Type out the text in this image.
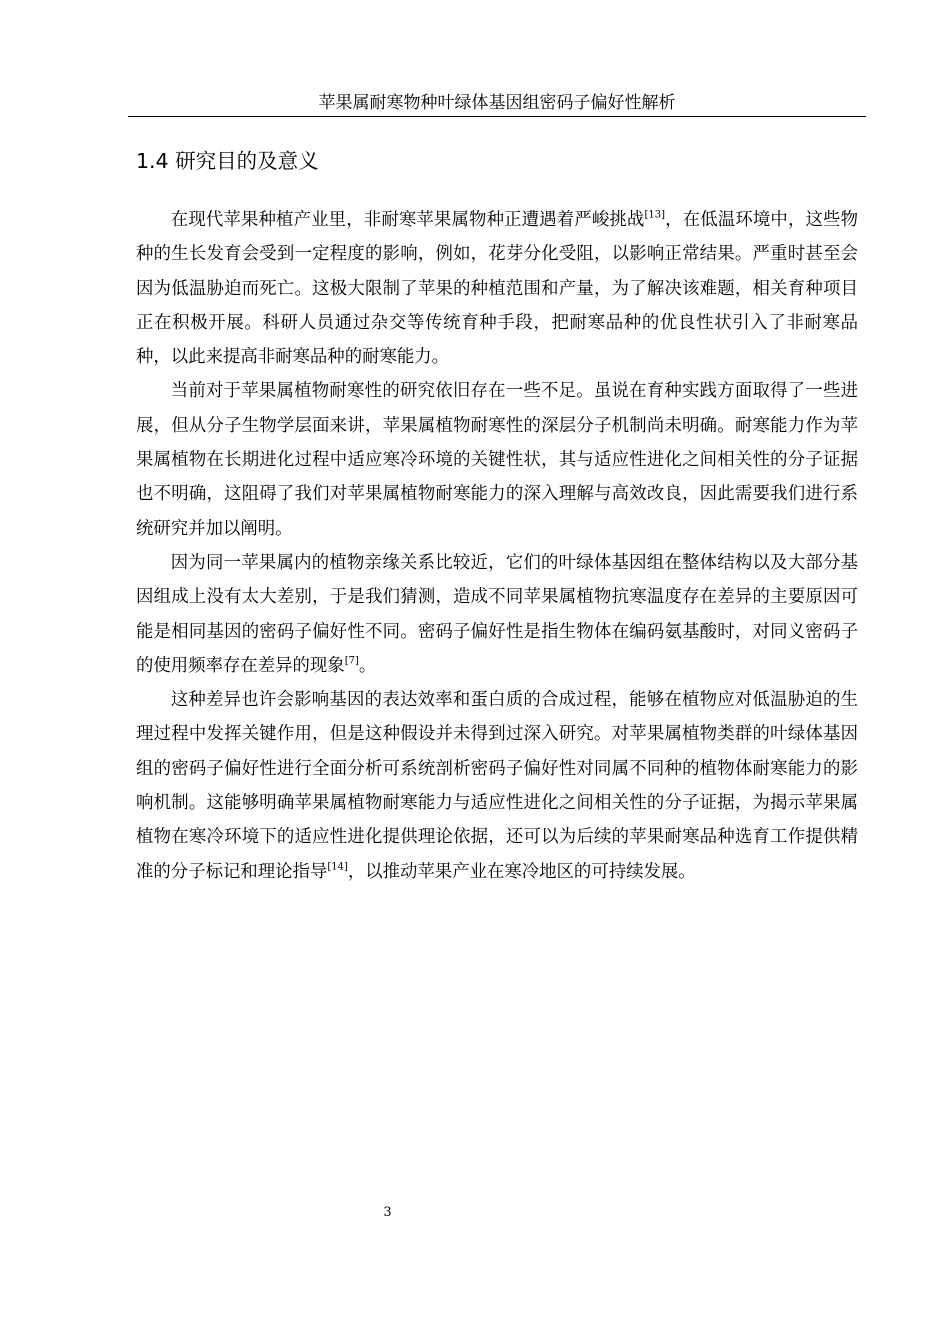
苹果属耐寒物种叶绿体基因组密码子偏好性解析
1.4 研究目的及意义

在现代苹果种植产业里，非耐寒苹果属物种正遭遇着严峻挑战[13]，在低温环境中，这些物种的生长发育会受到一定程度的影响，例如，花芽分化受阻，以影响正常结果。严重时甚至会因为低温胁迫而死亡。这极大限制了苹果的种植范围和产量，为了解决该难题，相关育种项目正在积极开展。科研人员通过杂交等传统育种手段，把耐寒品种的优良性状引入了非耐寒品种，以此来提高非耐寒品种的耐寒能力。

当前对于苹果属植物耐寒性的研究依旧存在一些不足。虽说在育种实践方面取得了一些进展，但从分子生物学层面来讲，苹果属植物耐寒性的深层分子机制尚未明确。耐寒能力作为苹果属植物在长期进化过程中适应寒冷环境的关键性状，其与适应性进化之间相关性的分子证据也不明确，这阻碍了我们对苹果属植物耐寒能力的深入理解与高效改良，因此需要我们进行系统研究并加以阐明。

因为同一苹果属内的植物亲缘关系比较近，它们的叶绿体基因组在整体结构以及大部分基因组成上没有太大差别，于是我们猜测，造成不同苹果属植物抗寒温度存在差异的主要原因可能是相同基因的密码子偏好性不同。密码子偏好性是指生物体在编码氨基酸时，对同义密码子的使用频率存在差异的现象[7]。

这种差异也许会影响基因的表达效率和蛋白质的合成过程，能够在植物应对低温胁迫的生理过程中发挥关键作用，但是这种假设并未得到过深入研究。对苹果属植物类群的叶绿体基因组的密码子偏好性进行全面分析可系统剖析密码子偏好性对同属不同种的植物体耐寒能力的影响机制。这能够明确苹果属植物耐寒能力与适应性进化之间相关性的分子证据，为揭示苹果属植物在寒冷环境下的适应性进化提供理论依据，还可以为后续的苹果耐寒品种选育工作提供精准的分子标记和理论指导[14]，以推动苹果产业在寒冷地区的可持续发展。

3
